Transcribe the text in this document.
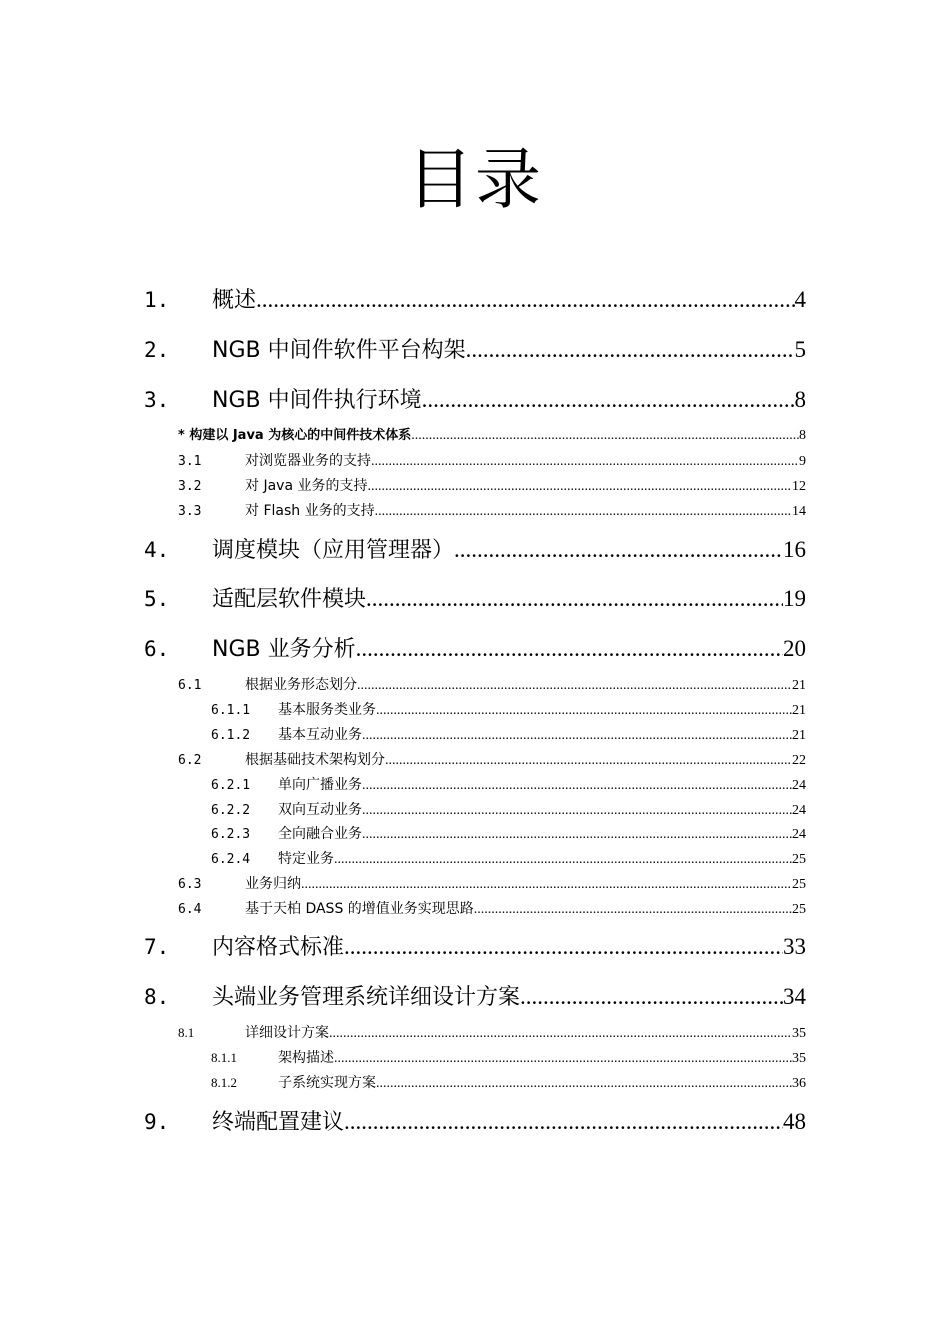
目录
1.	概述 .....	4
2.	NGB 中间件软件平台构架 .....	5
3.	NGB 中间件执行环境 .....	8
* 构建以 Java 为核心的中间件技术体系 .....	8
3.1	对浏览器业务的支持 .....	9
3.2	对 Java 业务的支持 .....	12
3.3	对 Flash 业务的支持 .....	14
4.	调度模块（应用管理器） .....	16
5.	适配层软件模块 .....	19
6.	NGB 业务分析 .....	20
6.1	根据业务形态划分 .....	21
6.1.1	基本服务类业务 .....	21
6.1.2	基本互动业务 .....	21
6.2	根据基础技术架构划分 .....	22
6.2.1	单向广播业务 .....	24
6.2.2	双向互动业务 .....	24
6.2.3	全向融合业务 .....	24
6.2.4	特定业务 .....	25
6.3	业务归纳 .....	25
6.4	基于天柏 DASS 的增值业务实现思路 .....	25
7.	内容格式标准 .....	33
8.	头端业务管理系统详细设计方案 .....	34
8.1	详细设计方案 .....	35
8.1.1	架构描述 .....	35
8.1.2	子系统实现方案 .....	36
9.	终端配置建议 .....	48
